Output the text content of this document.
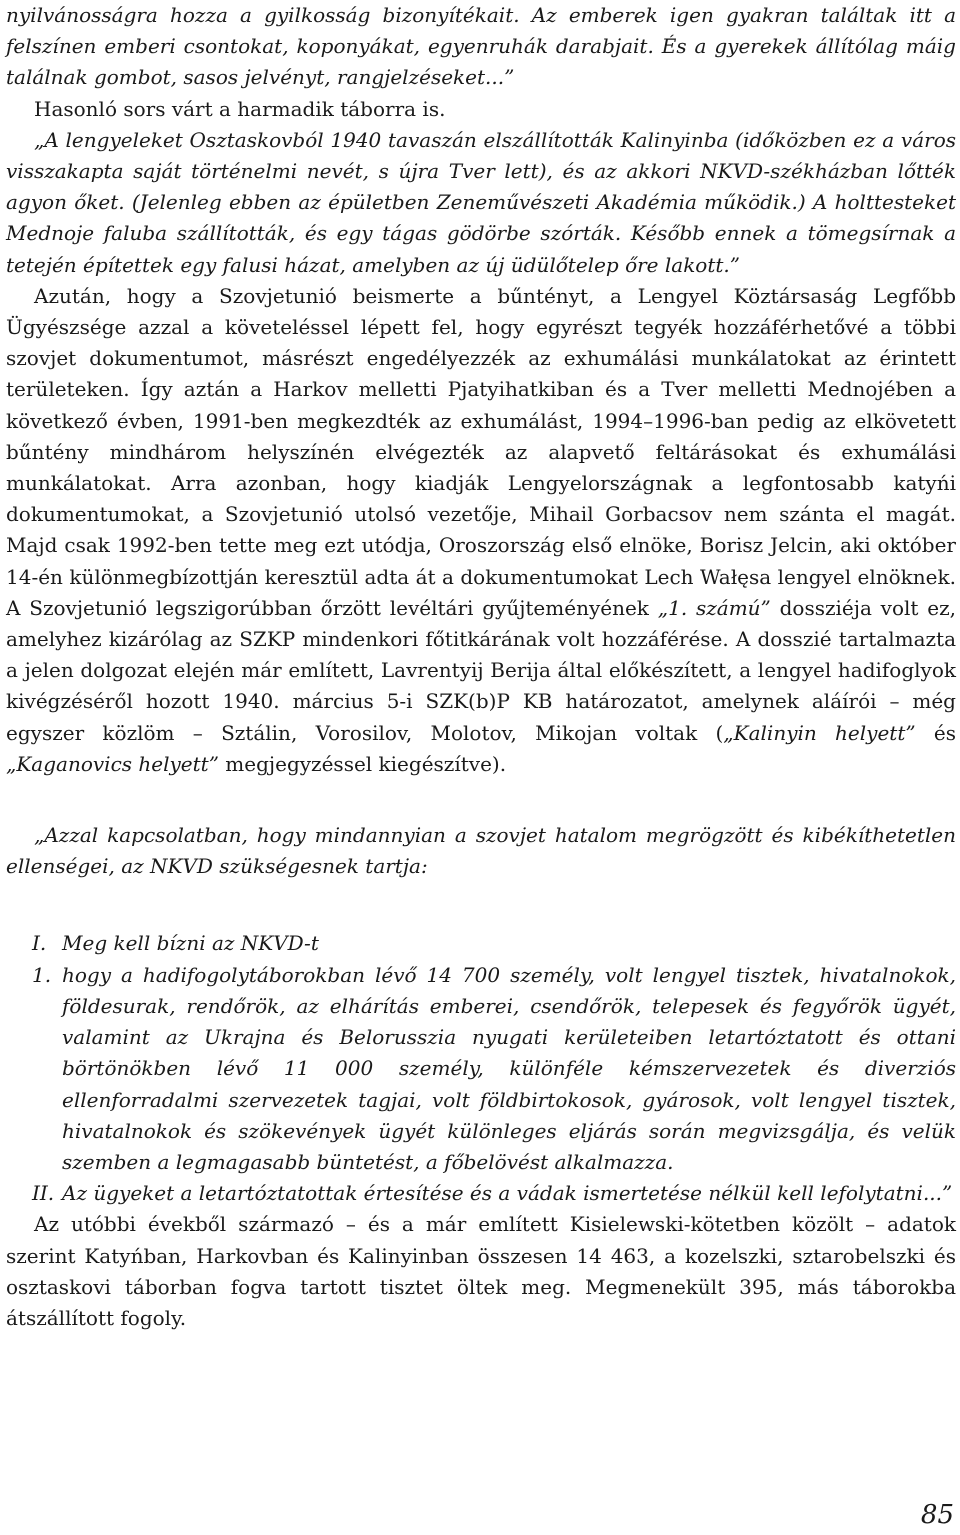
nyilvánosságra hozza a gyilkosság bizonyítékait. Az emberek igen gyakran találtak itt a felszínen emberi csontokat, koponyákat, egyenruhák darabjait. És a gyerekek állítólag máig találnak gombot, sasos jelvényt, rangjelzéseket...”

Hasonló sors várt a harmadik táborra is.

„A lengyeleket Osztaskovból 1940 tavaszán elszállították Kalinyinba (időközben ez a város visszakapta saját történelmi nevét, s újra Tver lett), és az akkori NKVD-székházban lőtték agyon őket. (Jelenleg ebben az épületben Zeneművészeti Akadémia működik.) A holttesteket Mednoje faluba szállították, és egy tágas gödörbe szórták. Később ennek a tömegsírnak a tetején építettek egy falusi házat, amelyben az új üdülőtelep őre lakott.”

Azután, hogy a Szovjetunió beismerte a bűntényt, a Lengyel Köztársaság Legfőbb Ügyészsége azzal a követeléssel lépett fel, hogy egyrészt tegyék hozzáférhetővé a többi szovjet dokumentumot, másrészt engedélyezzék az exhumálási munkálatokat az érintett területeken. Így aztán a Harkov melletti Pjatyihatkiban és a Tver melletti Mednojében a következő évben, 1991-ben megkezdték az exhumálást, 1994–1996-ban pedig az elkövetett bűntény mindhárom helyszínén elvégezték az alapvető feltárásokat és exhumálási munkálatokat. Arra azonban, hogy kiadják Lengyelországnak a legfontosabb katyńi dokumentumokat, a Szovjetunió utolsó vezetője, Mihail Gorbacsov nem szánta el magát. Majd csak 1992-ben tette meg ezt utódja, Oroszország első elnöke, Borisz Jelcin, aki október 14-én különmegbízottján keresztül adta át a dokumentumokat Lech Wałęsa lengyel elnöknek. A Szovjetunió legszigorúbban őrzött levéltári gyűjteményének „1. számú” dossziéja volt ez, amelyhez kizárólag az SZKP mindenkori főtitkárának volt hozzáférése. A dosszié tartalmazta a jelen dolgozat elején már említett, Lavrentyij Berija által előkészített, a lengyel hadifoglyok kivégzéséről hozott 1940. március 5-i SZK(b)P KB határozatot, amelynek aláírói – még egyszer közlöm – Sztálin, Vorosilov, Molotov, Mikojan voltak („Kalinyin helyett” és „Kaganovics helyett” megjegyzéssel kiegészítve).

„Azzal kapcsolatban, hogy mindannyian a szovjet hatalom megrögzött és kibékíthetetlen ellenségei, az NKVD szükségesnek tartja:

I. Meg kell bízni az NKVD-t

1. hogy a hadifogolytáborokban lévő 14 700 személy, volt lengyel tisztek, hivatalnokok, földesurak, rendőrök, az elhárítás emberei, csendőrök, telepesek és fegyőrök ügyét, valamint az Ukrajna és Belorusszia nyugati kerületeiben letartóztatott és ottani börtönökben lévő 11 000 személy, különféle kémszervezetek és diverziós ellenforradalmi szervezetek tagjai, volt földbirtokosok, gyárosok, volt lengyel tisztek, hivatalnokok és szökevények ügyét különleges eljárás során megvizsgálja, és velük szemben a legmagasabb büntetést, a főbelövést alkalmazza.

II. Az ügyeket a letartóztatottak értesítése és a vádak ismertetése nélkül kell lefolytatni...”

Az utóbbi évekből származó – és a már említett Kisielewski-kötetben közölt – adatok szerint Katyńban, Harkovban és Kalinyinban összesen 14 463, a kozelszki, sztarobelszki és osztaskovi táborban fogva tartott tisztet öltek meg. Megmenekült 395, más táborokba átszállított fogoly.

85
